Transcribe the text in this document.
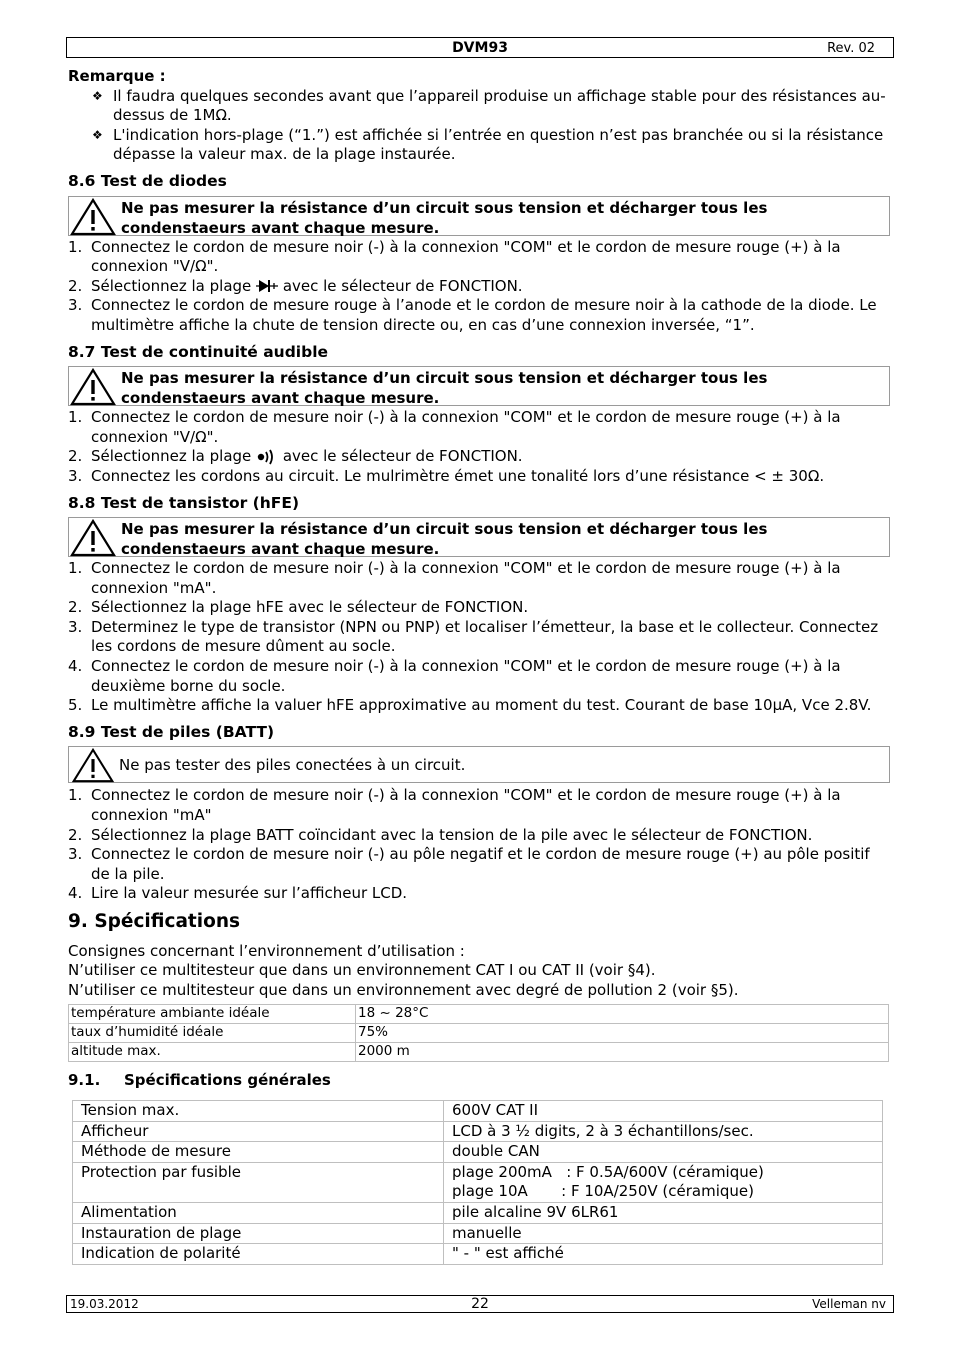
DVM93	Rev. 02
Remarque :
❖ Il faudra quelques secondes avant que l’appareil produise un affichage stable pour des résistances au-dessus de 1MΩ.
❖ L'indication hors-plage (“1.”) est affichée si l’entrée en question n’est pas branchée ou si la résistance dépasse la valeur max. de la plage instaurée.
8.6 Test de diodes
Ne pas mesurer la résistance d’un circuit sous tension et décharger tous les condenstaeurs avant chaque mesure.
1. Connectez le cordon de mesure noir (-) à la connexion "COM" et le cordon de mesure rouge (+) à la connexion "V/Ω".
2. Sélectionnez la plage avec le sélecteur de FONCTION.
3. Connectez le cordon de mesure rouge à l’anode et le cordon de mesure noir à la cathode de la diode. Le multimètre affiche la chute de tension directe ou, en cas d’une connexion inversée, “1”.
8.7 Test de continuité audible
Ne pas mesurer la résistance d’un circuit sous tension et décharger tous les condenstaeurs avant chaque mesure.
1. Connectez le cordon de mesure noir (-) à la connexion "COM" et le cordon de mesure rouge (+) à la connexion "V/Ω".
2. Sélectionnez la plage avec le sélecteur de FONCTION.
3. Connectez les cordons au circuit. Le mulrimètre émet une tonalité lors d’une résistance < ± 30Ω.
8.8 Test de tansistor (hFE)
Ne pas mesurer la résistance d’un circuit sous tension et décharger tous les condenstaeurs avant chaque mesure.
1. Connectez le cordon de mesure noir (-) à la connexion "COM" et le cordon de mesure rouge (+) à la connexion "mA".
2. Sélectionnez la plage hFE avec le sélecteur de FONCTION.
3. Determinez le type de transistor (NPN ou PNP) et localiser l’émetteur, la base et le collecteur. Connectez les cordons de mesure dûment au socle.
4. Connectez le cordon de mesure noir (-) à la connexion "COM" et le cordon de mesure rouge (+) à la deuxième borne du socle.
5. Le multimètre affiche la valuer hFE approximative au moment du test. Courant de base 10µA, Vce 2.8V.
8.9 Test de piles (BATT)
Ne pas tester des piles conectées à un circuit.
1. Connectez le cordon de mesure noir (-) à la connexion "COM" et le cordon de mesure rouge (+) à la connexion "mA"
2. Sélectionnez la plage BATT coïncidant avec la tension de la pile avec le sélecteur de FONCTION.
3. Connectez le cordon de mesure noir (-) au pôle negatif et le cordon de mesure rouge (+) au pôle positif de la pile.
4. Lire la valeur mesurée sur l’afficheur LCD.
9. Spécifications
Consignes concernant l’environnement d’utilisation :
N’utiliser ce multitesteur que dans un environnement CAT I ou CAT II (voir §4).
N’utiliser ce multitesteur que dans un environnement avec degré de pollution 2 (voir §5).
température ambiante idéale	18 ~ 28°C
taux d’humidité idéale	75%
altitude max.	2000 m
9.1. Spécifications générales
Tension max.	600V CAT II
Afficheur	LCD à 3 ½ digits, 2 à 3 échantillons/sec.
Méthode de mesure	double CAN
Protection par fusible	plage 200mA   : F 0.5A/600V (céramique)
plage 10A       : F 10A/250V (céramique)

Alimentation	pile alcaline 9V 6LR61
Instauration de plage	manuelle
Indication de polarité	" - " est affiché
19.03.2012	22	Velleman nv
